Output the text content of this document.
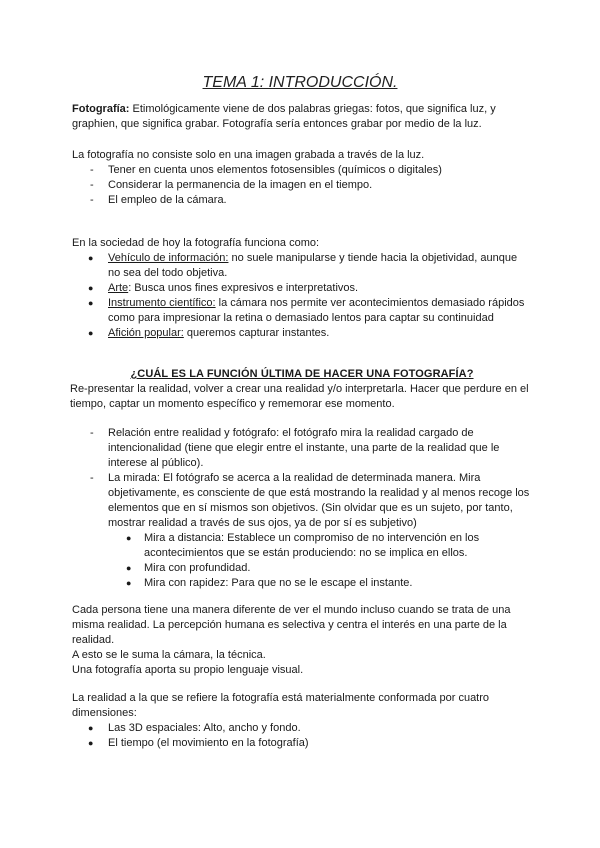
TEMA 1: INTRODUCCIÓN.

Fotografía: Etimológicamente viene de dos palabras griegas: fotos, que significa luz, y graphien, que significa grabar. Fotografía sería entonces grabar por medio de la luz.

La fotografía no consiste solo en una imagen grabada a través de la luz.

- Tener en cuenta unos elementos fotosensibles (químicos o digitales)
- Considerar la permanencia de la imagen en el tiempo.
- El empleo de la cámara.

En la sociedad de hoy la fotografía funciona como:

● Vehículo de información: no suele manipularse y tiende hacia la objetividad, aunque no sea del todo objetiva.
● Arte: Busca unos fines expresivos e interpretativos.
● Instrumento científico: la cámara nos permite ver acontecimientos demasiado rápidos como para impresionar la retina o demasiado lentos para captar su continuidad
● Afición popular: queremos capturar instantes.
¿CUÁL ES LA FUNCIÓN ÚLTIMA DE HACER UNA FOTOGRAFÍA?

Re-presentar la realidad, volver a crear una realidad y/o interpretarla. Hacer que perdure en el tiempo, captar un momento específico y rememorar ese momento.

- Relación entre realidad y fotógrafo: el fotógrafo mira la realidad cargado de intencionalidad (tiene que elegir entre el instante, una parte de la realidad que le interese al público).
- La mirada: El fotógrafo se acerca a la realidad de determinada manera. Mira objetivamente, es consciente de que está mostrando la realidad y al menos recoge los elementos que en sí mismos son objetivos. (Sin olvidar que es un sujeto, por tanto, mostrar realidad a través de sus ojos, ya de por sí es subjetivo)
● Mira a distancia: Establece un compromiso de no intervención en los acontecimientos que se están produciendo: no se implica en ellos.
● Mira con profundidad.
● Mira con rapidez: Para que no se le escape el instante.

Cada persona tiene una manera diferente de ver el mundo incluso cuando se trata de una misma realidad. La percepción humana es selectiva y centra el interés en una parte de la realidad.

A esto se le suma la cámara, la técnica.

Una fotografía aporta su propio lenguaje visual.

La realidad a la que se refiere la fotografía está materialmente conformada por cuatro dimensiones:

● Las 3D espaciales: Alto, ancho y fondo.
● El tiempo (el movimiento en la fotografía)
